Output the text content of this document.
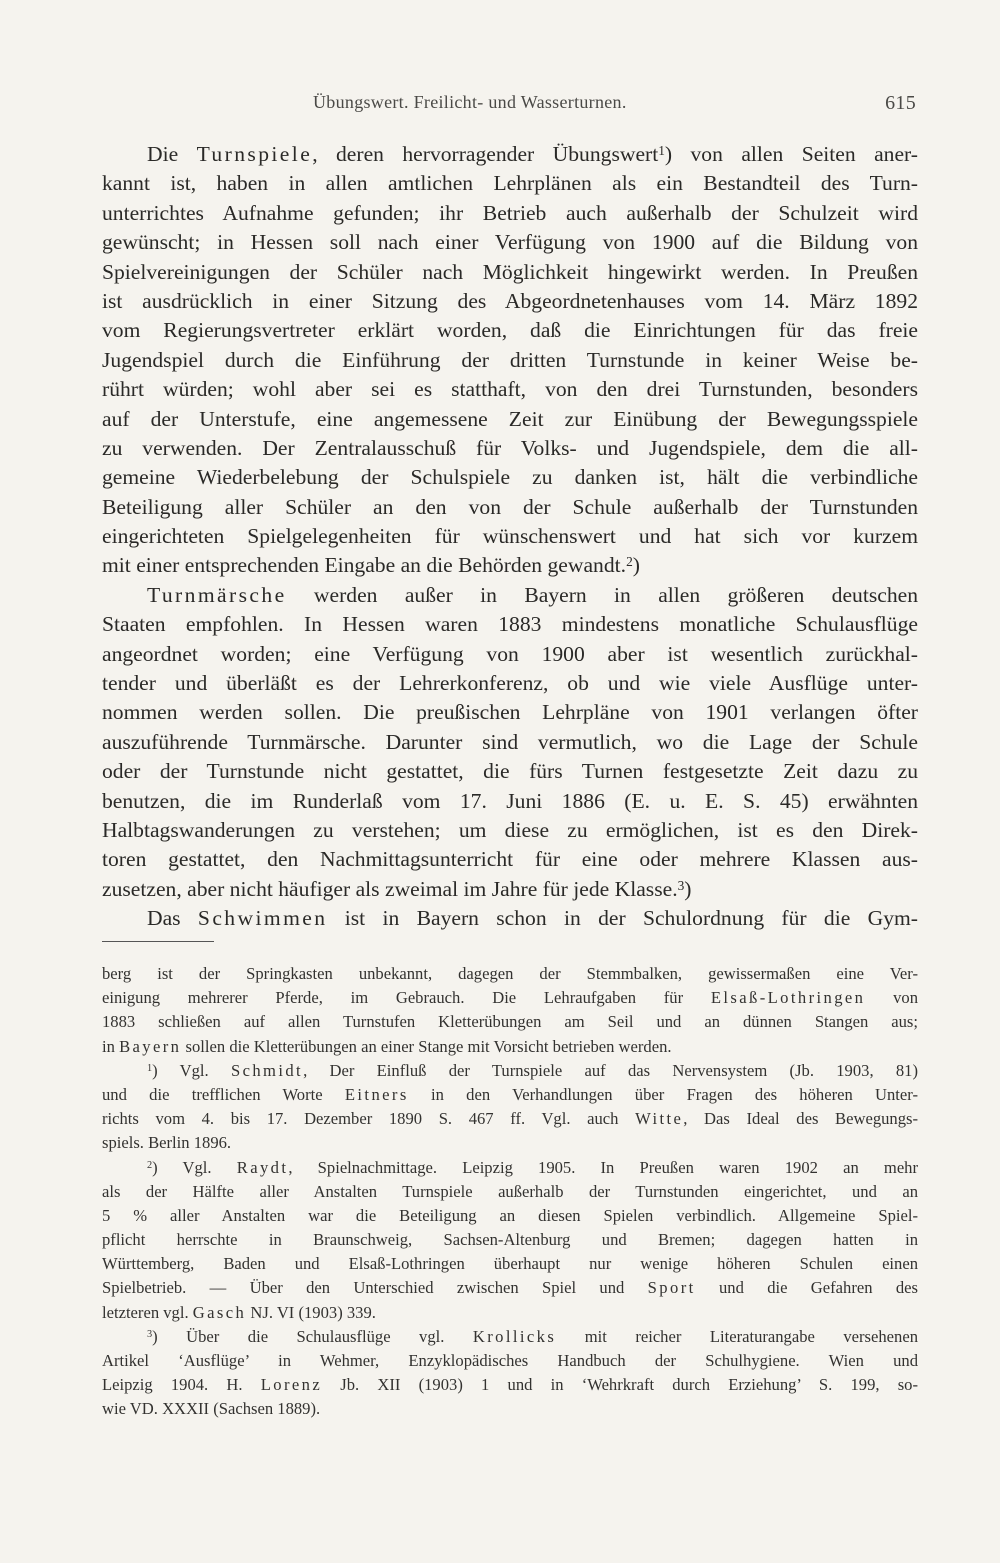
Übungswert. Freilicht- und Wasserturnen.	615
Die Turnspiele, deren hervorragender Übungswert$^1$) von allen Seiten aner-
kannt ist, haben in allen amtlichen Lehrplänen als ein Bestandteil des Turn-
unterrichtes Aufnahme gefunden; ihr Betrieb auch außerhalb der Schulzeit wird
gewünscht; in Hessen soll nach einer Verfügung von 1900 auf die Bildung von
Spielvereinigungen der Schüler nach Möglichkeit hingewirkt werden. In Preußen
ist ausdrücklich in einer Sitzung des Abgeordnetenhauses vom 14. März 1892
vom Regierungsvertreter erklärt worden, daß die Einrichtungen für das freie
Jugendspiel durch die Einführung der dritten Turnstunde in keiner Weise be-
rührt würden; wohl aber sei es statthaft, von den drei Turnstunden, besonders
auf der Unterstufe, eine angemessene Zeit zur Einübung der Bewegungsspiele
zu verwenden. Der Zentralausschuß für Volks- und Jugendspiele, dem die all-
gemeine Wiederbelebung der Schulspiele zu danken ist, hält die verbindliche
Beteiligung aller Schüler an den von der Schule außerhalb der Turnstunden
eingerichteten Spielgelegenheiten für wünschenswert und hat sich vor kurzem
mit einer entsprechenden Eingabe an die Behörden gewandt.$^2$)
Turnmärsche werden außer in Bayern in allen größeren deutschen
Staaten empfohlen. In Hessen waren 1883 mindestens monatliche Schulausflüge
angeordnet worden; eine Verfügung von 1900 aber ist wesentlich zurückhal-
tender und überläßt es der Lehrerkonferenz, ob und wie viele Ausflüge unter-
nommen werden sollen. Die preußischen Lehrpläne von 1901 verlangen öfter
auszuführende Turnmärsche. Darunter sind vermutlich, wo die Lage der Schule
oder der Turnstunde nicht gestattet, die fürs Turnen festgesetzte Zeit dazu zu
benutzen, die im Runderlaß vom 17. Juni 1886 (E. u. E. S. 45) erwähnten
Halbtagswanderungen zu verstehen; um diese zu ermöglichen, ist es den Direk-
toren gestattet, den Nachmittagsunterricht für eine oder mehrere Klassen aus-
zusetzen, aber nicht häufiger als zweimal im Jahre für jede Klasse.$^3$)
Das Schwimmen ist in Bayern schon in der Schulordnung für die Gym-
berg ist der Springkasten unbekannt, dagegen der Stemmbalken, gewissermaßen eine Ver-
einigung mehrerer Pferde, im Gebrauch. Die Lehraufgaben für Elsaß-Lothringen von
1883 schließen auf allen Turnstufen Kletterübungen am Seil und an dünnen Stangen aus;
in Bayern sollen die Kletterübungen an einer Stange mit Vorsicht betrieben werden.
$^1$) Vgl. Schmidt, Der Einfluß der Turnspiele auf das Nervensystem (Jb. 1903, 81)
und die trefflichen Worte Eitners in den Verhandlungen über Fragen des höheren Unter-
richts vom 4. bis 17. Dezember 1890 S. 467 ff. Vgl. auch Witte, Das Ideal des Bewegungs-
spiels. Berlin 1896.
$^2$) Vgl. Raydt, Spielnachmittage. Leipzig 1905. In Preußen waren 1902 an mehr
als der Hälfte aller Anstalten Turnspiele außerhalb der Turnstunden eingerichtet, und an
5 % aller Anstalten war die Beteiligung an diesen Spielen verbindlich. Allgemeine Spiel-
pflicht herrschte in Braunschweig, Sachsen-Altenburg und Bremen; dagegen hatten in
Württemberg, Baden und Elsaß-Lothringen überhaupt nur wenige höheren Schulen einen
Spielbetrieb. — Über den Unterschied zwischen Spiel und Sport und die Gefahren des
letzteren vgl. Gasch NJ. VI (1903) 339.
$^3$) Über die Schulausflüge vgl. Krollicks mit reicher Literaturangabe versehenen
Artikel ‘Ausflüge’ in Wehmer, Enzyklopädisches Handbuch der Schulhygiene. Wien und
Leipzig 1904. H. Lorenz Jb. XII (1903) 1 und in ‘Wehrkraft durch Erziehung’ S. 199, so-
wie VD. XXXII (Sachsen 1889).
